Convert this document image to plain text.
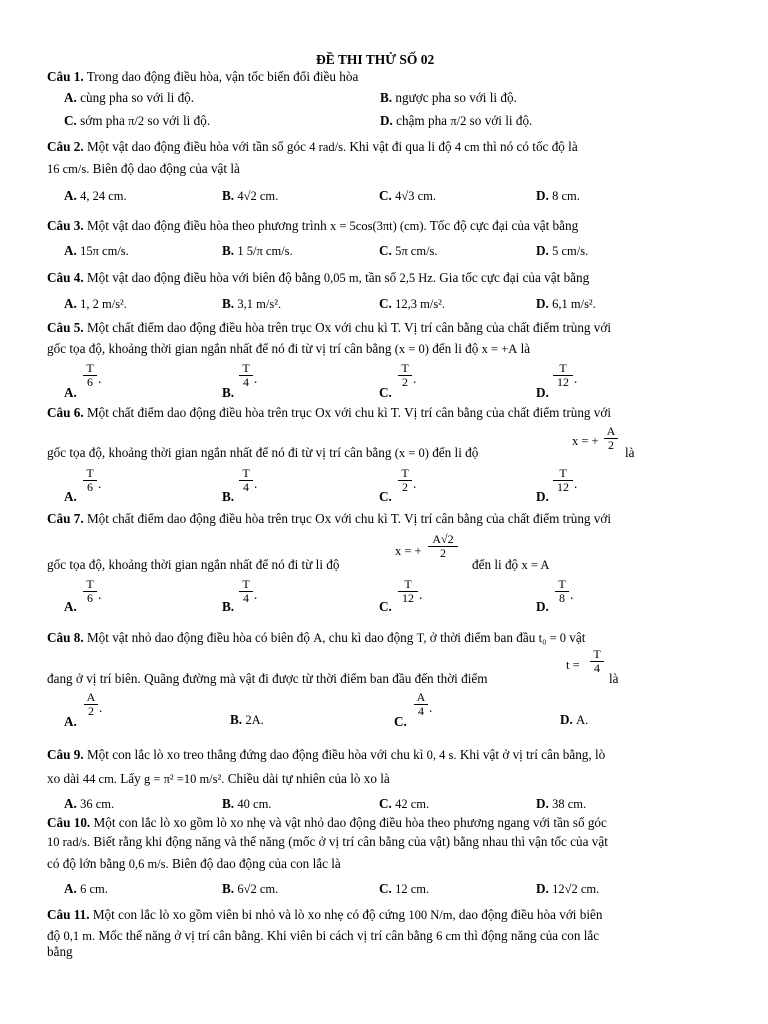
ĐỀ THI THỬ SỐ 02
Câu 1. Trong dao động điều hòa, vận tốc biến đổi điều hòa
A. cùng pha so với li độ.	B. ngược pha so với li độ.
C. sớm pha π/2 so với li độ.	D. chậm pha π/2 so với li độ.
Câu 2. Một vật dao động điều hòa với tần số góc 4 rad/s. Khi vật đi qua li độ 4 cm thì nó có tốc độ là
16 cm/s. Biên độ dao động của vật là
A. 4, 24 cm.	B. 4√2 cm.	C. 4√3 cm.	D. 8 cm.
Câu 3. Một vật dao động điều hòa theo phương trình x = 5cos(3πt) (cm). Tốc độ cực đại của vật bằng
A. 15π cm/s.	B. 1 5/π cm/s.	C. 5π cm/s.	D. 5 cm/s.
Câu 4. Một vật dao động điều hòa với biên độ bằng 0,05 m, tần số 2,5 Hz. Gia tốc cực đại của vật bằng
A. 1, 2 m/s².	B. 3,1 m/s².	C. 12,3 m/s².	D. 6,1 m/s².
Câu 5. Một chất điểm dao động điều hòa trên trục Ox với chu kì T. Vị trí cân bằng của chất điểm trùng với
gốc tọa độ, khoảng thời gian ngắn nhất để nó đi từ vị trí cân bằng (x = 0) đến li độ x = +A là
A.
$\frac{T}{6}$ .
B.
$\frac{T}{4}$ .
C.
$\frac{T}{2}$ .
D.
$\frac{T}{12}$ .
Câu 6. Một chất điểm dao động điều hòa trên trục Ox với chu kì T. Vị trí cân bằng của chất điểm trùng với
gốc tọa độ, khoảng thời gian ngắn nhất để nó đi từ vị trí cân bằng (x = 0) đến li độ
x = + $\frac{A}{2}$
là
A.
$\frac{T}{6}$ .
B.
$\frac{T}{4}$ .
C.
$\frac{T}{2}$ .
D.
$\frac{T}{12}$ .
Câu 7. Một chất điểm dao động điều hòa trên trục Ox với chu kì T. Vị trí cân bằng của chất điểm trùng với
gốc tọa độ, khoảng thời gian ngắn nhất để nó đi từ li độ
x = + $\frac{A√2}{2}$
đến li độ x = A
A.
$\frac{T}{6}$ .
B.
$\frac{T}{4}$ .
C.
$\frac{T}{12}$ .
D.
$\frac{T}{8}$ .
Câu 8. Một vật nhỏ dao động điều hòa có biên độ A, chu kì dao động T, ở thời điểm ban đầu t₀ = 0 vật
đang ở vị trí biên. Quãng đường mà vật đi được từ thời điểm ban đầu đến thời điểm
$t = \frac{T}{4}$
là
A.
$\frac{A}{2}$ .
B. 2A.	C.
$\frac{A}{4}$ .
D. A.
Câu 9. Một con lắc lò xo treo thẳng đứng dao động điều hòa với chu kì 0, 4 s. Khi vật ở vị trí cân bằng, lò
xo dài 44 cm. Lấy g = π² =10 m/s². Chiều dài tự nhiên của lò xo là
A. 36 cm.	B. 40 cm.	C. 42 cm.	D. 38 cm.
Câu 10. Một con lắc lò xo gồm lò xo nhẹ và vật nhỏ dao động điều hòa theo phương ngang với tần số góc
10 rad/s. Biết rằng khi động năng và thế năng (mốc ở vị trí cân bằng của vật) bằng nhau thì vận tốc của vật
có độ lớn bằng 0,6 m/s. Biên độ dao động của con lắc là
A. 6 cm.	B. 6√2 cm.	C. 12 cm.	D. 12√2 cm.
Câu 11. Một con lắc lò xo gồm viên bi nhỏ và lò xo nhẹ có độ cứng 100 N/m, dao động điều hòa với biên
độ 0,1 m. Mốc thế năng ở vị trí cân bằng. Khi viên bi cách vị trí cân bằng 6 cm thì động năng của con lắc
bằng
